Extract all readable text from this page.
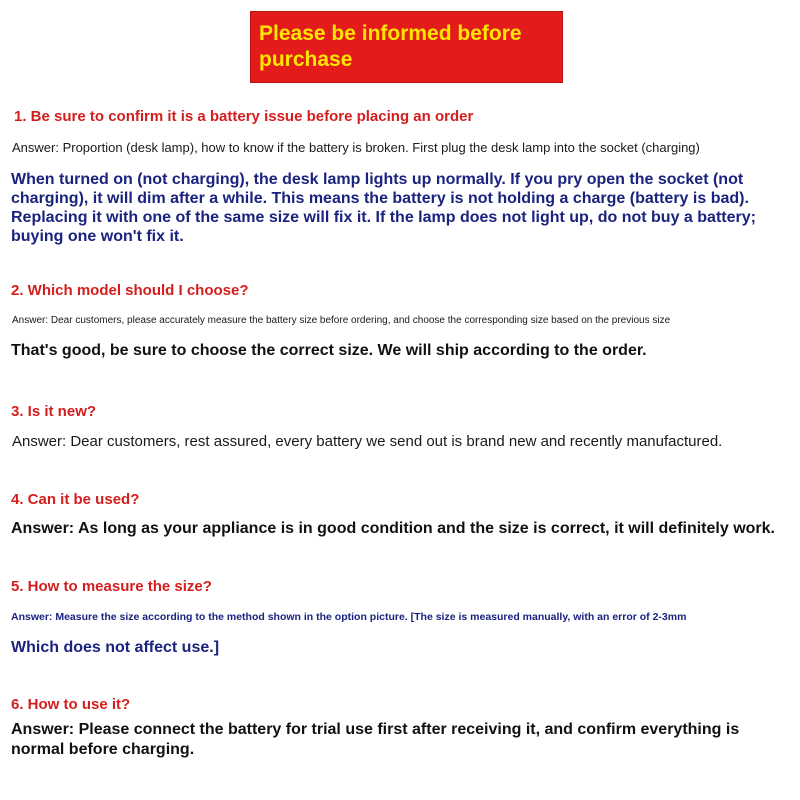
Please be informed before purchase
1. Be sure to confirm it is a battery issue before placing an order
Answer: Proportion (desk lamp), how to know if the battery is broken. First plug the desk lamp into the socket (charging)
When turned on (not charging), the desk lamp lights up normally. If you pry open the socket (not charging), it will dim after a while. This means the battery is not holding a charge (battery is bad). Replacing it with one of the same size will fix it. If the lamp does not light up, do not buy a battery; buying one won't fix it.
2. Which model should I choose?
Answer: Dear customers, please accurately measure the battery size before ordering, and choose the corresponding size based on the previous size
That's good, be sure to choose the correct size. We will ship according to the order.
3. Is it new?
Answer: Dear customers, rest assured, every battery we send out is brand new and recently manufactured.
4. Can it be used?
Answer: As long as your appliance is in good condition and the size is correct, it will definitely work.
5. How to measure the size?
Answer: Measure the size according to the method shown in the option picture. [The size is measured manually, with an error of 2-3mm
Which does not affect use.]
6. How to use it?
Answer: Please connect the battery for trial use first after receiving it, and confirm everything is normal before charging.
